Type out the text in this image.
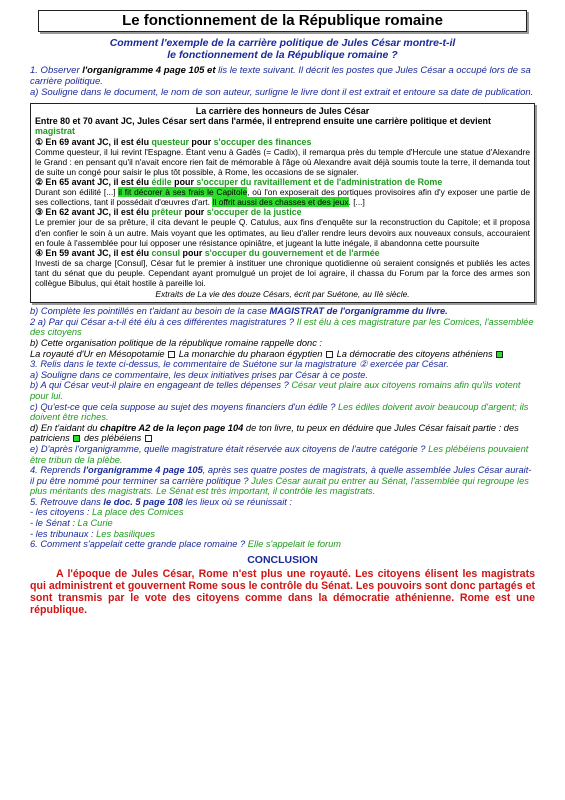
Le fonctionnement de la République romaine
Comment l'exemple de la carrière politique de Jules César montre-t-il
le fonctionnement de la République romaine ?
1. Observer l'organigramme 4 page 105 et lis le texte suivant. Il décrit les postes que Jules César a occupé lors de sa carrière politique.
a) Souligne dans le document, le nom de son auteur, surligne le livre dont il est extrait et entoure sa date de publication.
La carrière des honneurs de Jules César
Entre 80 et 70 avant JC, Jules César sert dans l'armée, il entreprend ensuite une carrière politique et devient magistrat
① En 69 avant JC, il est élu questeur pour s'occuper des finances
Comme questeur, il lui revint l'Espagne. Étant venu à Gadès (= Cadix), il remarqua près du temple d'Hercule une statue d'Alexandre le Grand : en pensant qu'il n'avait encore rien fait de mémorable à l'âge où Alexandre avait déjà soumis toute la terre, il demanda tout de suite un congé pour saisir le plus tôt possible, à Rome, les occasions de se signaler.
② En 65 avant JC, il est élu édile pour s'occuper du ravitaillement et de l'administration de Rome
Durant son édilité [...] il fit décorer à ses frais le Capitole, où l'on exposerait des portiques provisoires afin d'y exposer une partie de ses collections, tant il possédait d'œuvres d'art. Il offrit aussi des chasses et des jeux. [...]
③ En 62 avant JC, il est élu prêteur pour s'occuper de la justice
Le premier jour de sa prêture, il cita devant le peuple Q. Catulus, aux fins d'enquête sur la reconstruction du Capitole; et il proposa d'en confier le soin à un autre. Mais voyant que les optimates, au lieu d'aller rendre leurs devoirs aux nouveaux consuls, accouraient en foule à l'assemblée pour lui opposer une résistance opiniâtre, et jugeant la lutte inégale, il abandonna cette poursuite
④ En 59 avant JC, il est élu consul pour s'occuper du gouvernement et de l'armée
Investi de sa charge [Consul], César fut le premier à instituer une chronique quotidienne où seraient consignés et publiés les actes tant du sénat que du peuple. Cependant ayant promulgué un projet de loi agraire, il chassa du Forum par la force des armes son collègue Bibulus, qui était hostile à pareille loi.
Extraits de La vie des douze Césars, écrit par Suétone, au IIè siècle.
b) Complète les pointillés en t'aidant au besoin de la case MAGISTRAT de l'organigramme du livre.
2 a) Par qui César a-t-il été élu à ces différentes magistratures ? Il est élu à ces magistrature par les Comices, l'assemblée des citoyens
b) Cette organisation politique de la république romaine rappelle donc :
La royauté d'Ur en Mésopotamie  La monarchie du pharaon égyptien  La démocratie des citoyens athéniens
3. Relis dans le texte ci-dessus, le commentaire de Suétone sur la magistrature ② exercée par César.
a) Souligne dans ce commentaire, les deux initiatives prises par César à ce poste.
b) A qui César veut-il plaire en engageant de telles dépenses ? César veut plaire aux citoyens romains afin qu'ils votent pour lui.
c) Qu'est-ce que cela suppose au sujet des moyens financiers d'un édile ? Les édiles doivent avoir beaucoup d'argent; ils doivent être riches.
d) En t'aidant du chapitre A2 de la leçon page 104 de ton livre, tu peux en déduire que Jules César faisait partie : des patriciens  des plébéiens
e) D'après l'organigramme, quelle magistrature était réservée aux citoyens de l'autre catégorie ? Les plébéiens pouvaient être tribun de la plèbe.
4. Reprends l'organigramme 4 page 105, après ses quatre postes de magistrats, à quelle assemblée Jules César aurait-il pu être nommé pour terminer sa carrière politique ? Jules César aurait pu entrer au Sénat, l'assemblée qui regroupe les plus méritants des magistrats. Le Sénat est très important, il contrôle les magistrats.
5. Retrouve dans le doc. 5 page 108 les lieux où se réunissait :
- les citoyens : La place des Comices
- le Sénat : La Curie
- les tribunaux : Les basiliques
6. Comment s'appelait cette grande place romaine ? Elle s'appelait le forum
CONCLUSION
A l'époque de Jules César, Rome n'est plus une royauté. Les citoyens élisent les magistrats qui administrent et gouvernent Rome sous le contrôle du Sénat. Les pouvoirs sont donc partagés et sont transmis par le vote des citoyens comme dans la démocratie athénienne. Rome est une république.
